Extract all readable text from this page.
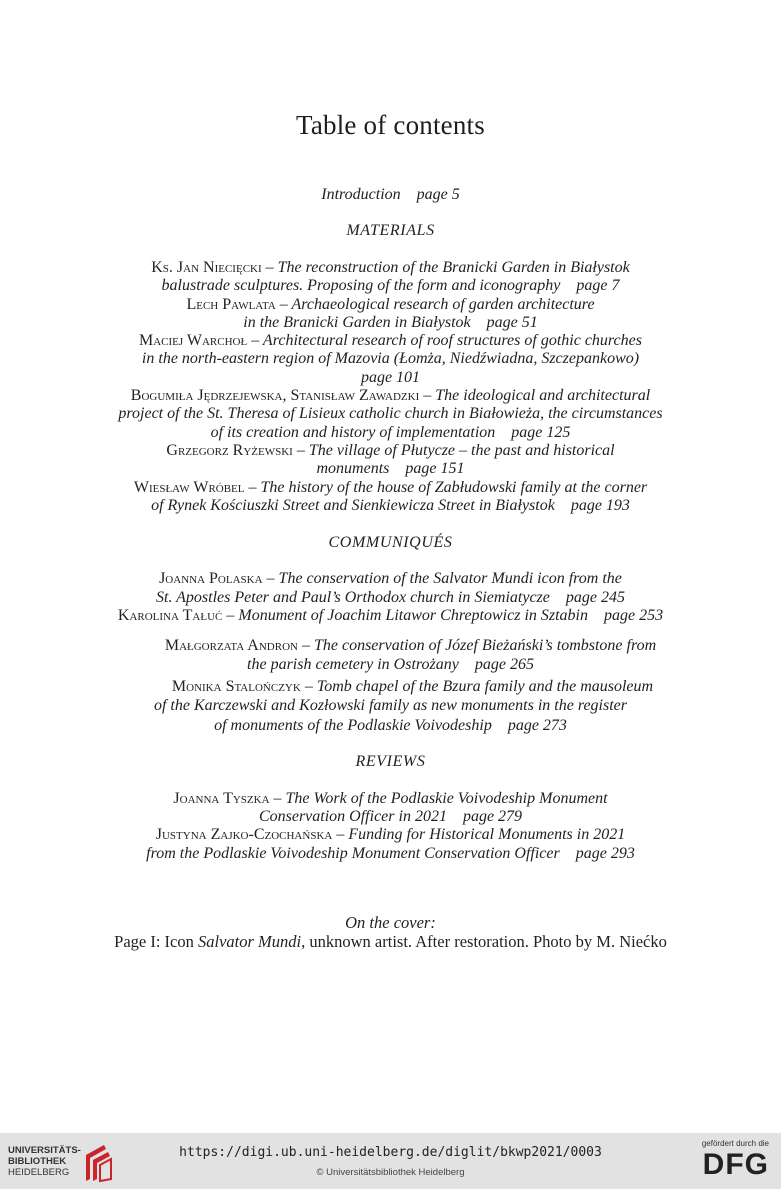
Table of contents
Introduction page 5
MATERIALS
Ks. Jan Niecięcki – The reconstruction of the Branicki Garden in Białystok
balustrade sculptures. Proposing of the form and iconography page 7
Lech Pawlata – Archaeological research of garden architecture
in the Branicki Garden in Białystok page 51
Maciej Warchoł – Architectural research of roof structures of gothic churches
in the north-eastern region of Mazovia (Łomża, Niedźwiadna, Szczepankowo)
page 101
Bogumiła Jędrzejewska, Stanisław Zawadzki – The ideological and architectural
project of the St. Theresa of Lisieux catholic church in Białowieża, the circumstances
of its creation and history of implementation page 125
Grzegorz Ryżewski – The village of Płutycze – the past and historical
monuments page 151
Wiesław Wróbel – The history of the house of Zabłudowski family at the corner
of Rynek Kościuszki Street and Sienkiewicza Street in Białystok page 193
COMMUNIQUÉS
Joanna Polaska – The conservation of the Salvator Mundi icon from the
St. Apostles Peter and Paul’s Orthodox church in Siemiatycze page 245
Karolina Tałuć – Monument of Joachim Litawor Chreptowicz in Sztabin page 253
Małgorzata Andron – The conservation of Józef Bieżański’s tombstone from
the parish cemetery in Ostrożany page 265
Monika Stalończyk – Tomb chapel of the Bzura family and the mausoleum
of the Karczewski and Kozłowski family as new monuments in the register
of monuments of the Podlaskie Voivodeship page 273
REVIEWS
Joanna Tyszka – The Work of the Podlaskie Voivodeship Monument
Conservation Officer in 2021 page 279
Justyna Zajko-Czochańska – Funding for Historical Monuments in 2021
from the Podlaskie Voivodeship Monument Conservation Officer page 293
On the cover:
Page I: Icon Salvator Mundi, unknown artist. After restoration. Photo by M. Niećko
UNIVERSITÄTS-
BIBLIOTHEK
HEIDELBERG
https://digi.ub.uni-heidelberg.de/diglit/bkwp2021/0003
© Universitätsbibliothek Heidelberg
gefördert durch die
DFG
